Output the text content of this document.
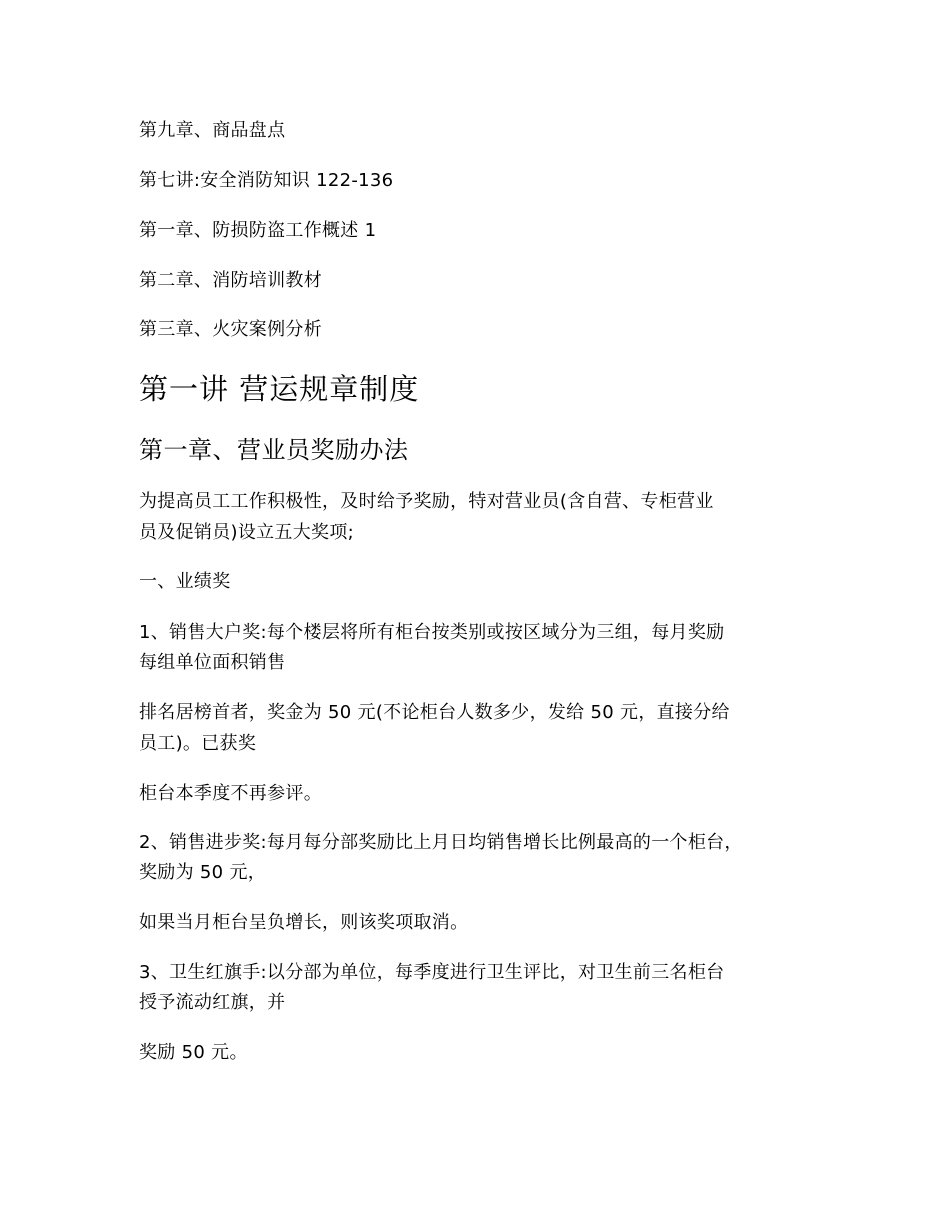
第九章、商品盘点
第七讲:安全消防知识 122-136
第一章、防损防盗工作概述 1
第二章、消防培训教材
第三章、火灾案例分析
第一讲 营运规章制度
第一章、营业员奖励办法
为提高员工工作积极性，及时给予奖励，特对营业员(含自营、专柜营业
员及促销员)设立五大奖项;
一、业绩奖
1、销售大户奖:每个楼层将所有柜台按类别或按区域分为三组，每月奖励
每组单位面积销售
排名居榜首者，奖金为 50 元(不论柜台人数多少，发给 50 元，直接分给
员工)。已获奖
柜台本季度不再参评。
2、销售进步奖:每月每分部奖励比上月日均销售增长比例最高的一个柜台，
奖励为 50 元，
如果当月柜台呈负增长，则该奖项取消。
3、卫生红旗手:以分部为单位，每季度进行卫生评比，对卫生前三名柜台
授予流动红旗，并
奖励 50 元。
